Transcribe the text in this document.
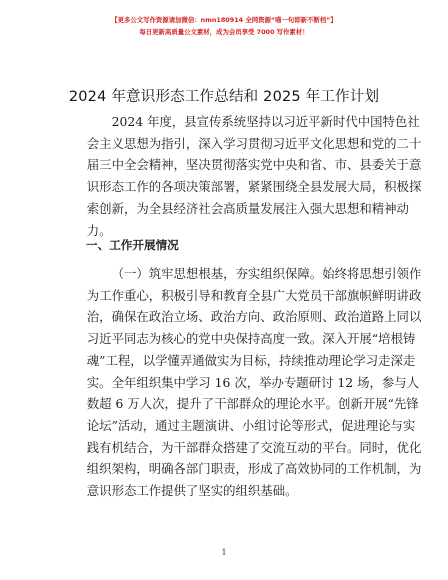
【更多公文写作资源请加微信：nmn180914 全网资源“喵一句即新不断档”】
每日更新高质量公文素材，成为会员享受 7000 写作素材！
2024 年意识形态工作总结和 2025 年工作计划
2024 年度，县宣传系统坚持以习近平新时代中国特色社
会主义思想为指引，深入学习贯彻习近平文化思想和党的二十
届三中全会精神，坚决贯彻落实党中央和省、市、县委关于意
识形态工作的各项决策部署，紧紧围绕全县发展大局，积极探
索创新，为全县经济社会高质量发展注入强大思想和精神动
力。
一、工作开展情况
（一）筑牢思想根基，夯实组织保障。始终将思想引领作
为工作重心，积极引导和教育全县广大党员干部旗帜鲜明讲政
治，确保在政治立场、政治方向、政治原则、政治道路上同以
习近平同志为核心的党中央保持高度一致。深入开展“培根铸
魂”工程，以学懂弄通做实为目标，持续推动理论学习走深走
实。全年组织集中学习 16 次，举办专题研讨 12 场，参与人
数超 6 万人次，提升了干部群众的理论水平。创新开展“先锋
论坛”活动，通过主题演讲、小组讨论等形式，促进理论与实
践有机结合，为干部群众搭建了交流互动的平台。同时，优化
组织架构，明确各部门职责，形成了高效协同的工作机制，为
意识形态工作提供了坚实的组织基础。
1
